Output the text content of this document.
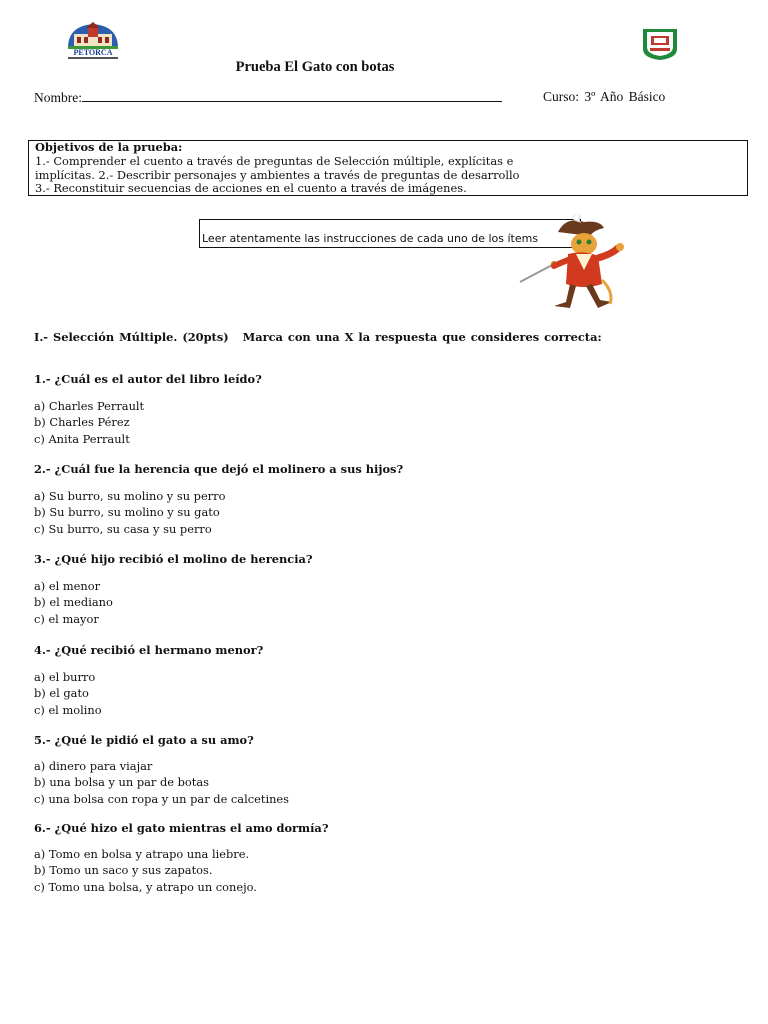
PETORCA
Prueba El Gato con botas
Nombre:	Curso: 3º Año Básico
Objetivos de la prueba:
1.- Comprender el cuento a través de preguntas de Selección múltiple, explícitas e
implícitas. 2.- Describir personajes y ambientes a través de preguntas de desarrollo
3.- Reconstituir secuencias de acciones en el cuento a través de imágenes.
Leer atentamente las instrucciones de cada uno de los ítems
I.- Selección Múltiple. (20pts) Marca con una X la respuesta que consideres correcta:
1.- ¿Cuál es el autor del libro leído?
a) Charles Perrault
b) Charles Pérez
c) Anita Perrault
2.- ¿Cuál fue la herencia que dejó el molinero a sus hijos?
a) Su burro, su molino y su perro
b) Su burro, su molino y su gato
c) Su burro, su casa y su perro
3.- ¿Qué hijo recibió el molino de herencia?
a) el menor
b) el mediano
c) el mayor
4.- ¿Qué recibió el hermano menor?
a) el burro
b) el gato
c) el molino
5.- ¿Qué le pidió el gato a su amo?
a) dinero para viajar
b) una bolsa y un par de botas
c) una bolsa con ropa y un par de calcetines
6.- ¿Qué hizo el gato mientras el amo dormía?
a) Tomo en bolsa y atrapo una liebre.
b) Tomo un saco y sus zapatos.
c) Tomo una bolsa, y atrapo un conejo.
